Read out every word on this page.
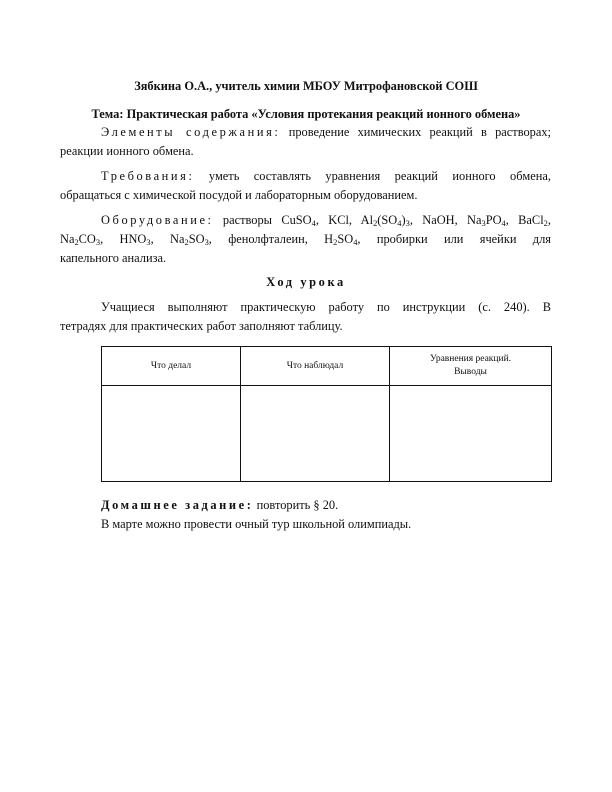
Зябкина О.А., учитель химии МБОУ Митрофановской СОШ
Тема: Практическая работа «Условия протекания реакций ионного обмена»
Элементы содержания: проведение химических реакций в растворах;
реакции ионного обмена.
Требования: уметь составлять уравнения реакций ионного обмена,
обращаться с химической посудой и лабораторным оборудованием.
Оборудование: растворы CuSO$_4$, KCl, $Al_2(SO_4)_3$, NaOH, $Na_3PO_4$, BaCl$_2$,
$Na_2CO_3$, $HNO_3$, $Na_2SO_3$, фенолфталеин, $H_2SO_4$, пробирки или ячейки для
капельного анализа.
Ход урока
Учащиеся выполняют практическую работу по инструкции (с. 240). В
тетрадях для практических работ заполняют таблицу.
Что делал	Что наблюдал	Уравнения реакций.
Выводы

Домашнее задание: повторить § 20.
В марте можно провести очный тур школьной олимпиады.
